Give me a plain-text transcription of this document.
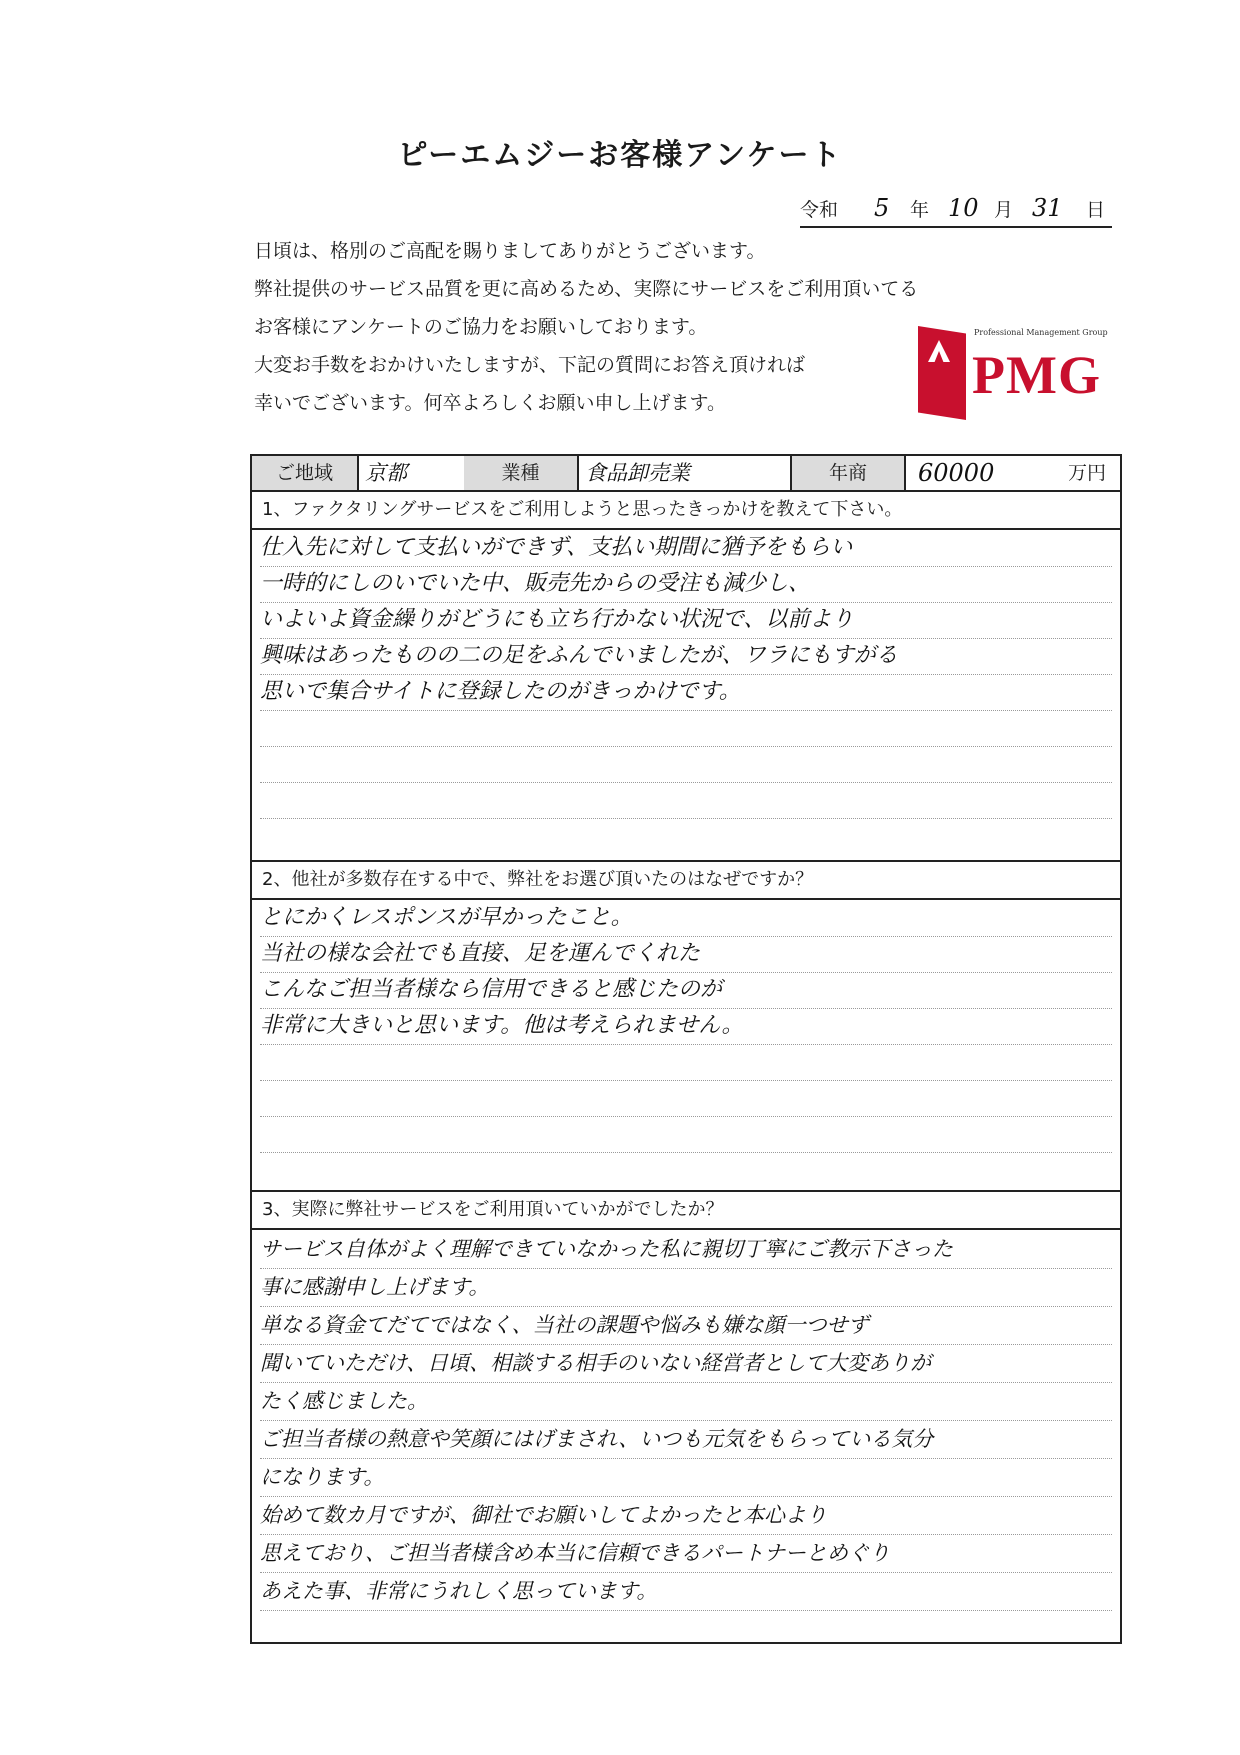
ピーエムジーお客様アンケート
令和 5 年 10 月 31 日
日頃は、格別のご高配を賜りましてありがとうございます。
弊社提供のサービス品質を更に高めるため、実際にサービスをご利用頂いてる
お客様にアンケートのご協力をお願いしております。
大変お手数をおかけいたしますが、下記の質問にお答え頂ければ
幸いでございます。何卒よろしくお願い申し上げます。
Professional Management Group
PMG
ご地域	京都	業種	食品卸売業	年商	60000	万円
1、ファクタリングサービスをご利用しようと思ったきっかけを教えて下さい。
仕入先に対して支払いができず、支払い期間に猶予をもらい
一時的にしのいでいた中、販売先からの受注も減少し、
いよいよ資金繰りがどうにも立ち行かない状況で、以前より
興味はあったものの二の足をふんでいましたが、ワラにもすがる
思いで集合サイトに登録したのがきっかけです。
2、他社が多数存在する中で、弊社をお選び頂いたのはなぜですか？
とにかくレスポンスが早かったこと。
当社の様な会社でも直接、足を運んでくれた
こんなご担当者様なら信用できると感じたのが
非常に大きいと思います。他は考えられません。
3、実際に弊社サービスをご利用頂いていかがでしたか？
サービス自体がよく理解できていなかった私に親切丁寧にご教示下さった
事に感謝申し上げます。
単なる資金てだてではなく、当社の課題や悩みも嫌な顔一つせず
聞いていただけ、日頃、相談する相手のいない経営者として大変ありが
たく感じました。
ご担当者様の熱意や笑顔にはげまされ、いつも元気をもらっている気分
になります。
始めて数カ月ですが、御社でお願いしてよかったと本心より
思えており、ご担当者様含め本当に信頼できるパートナーとめぐり
あえた事、非常にうれしく思っています。
